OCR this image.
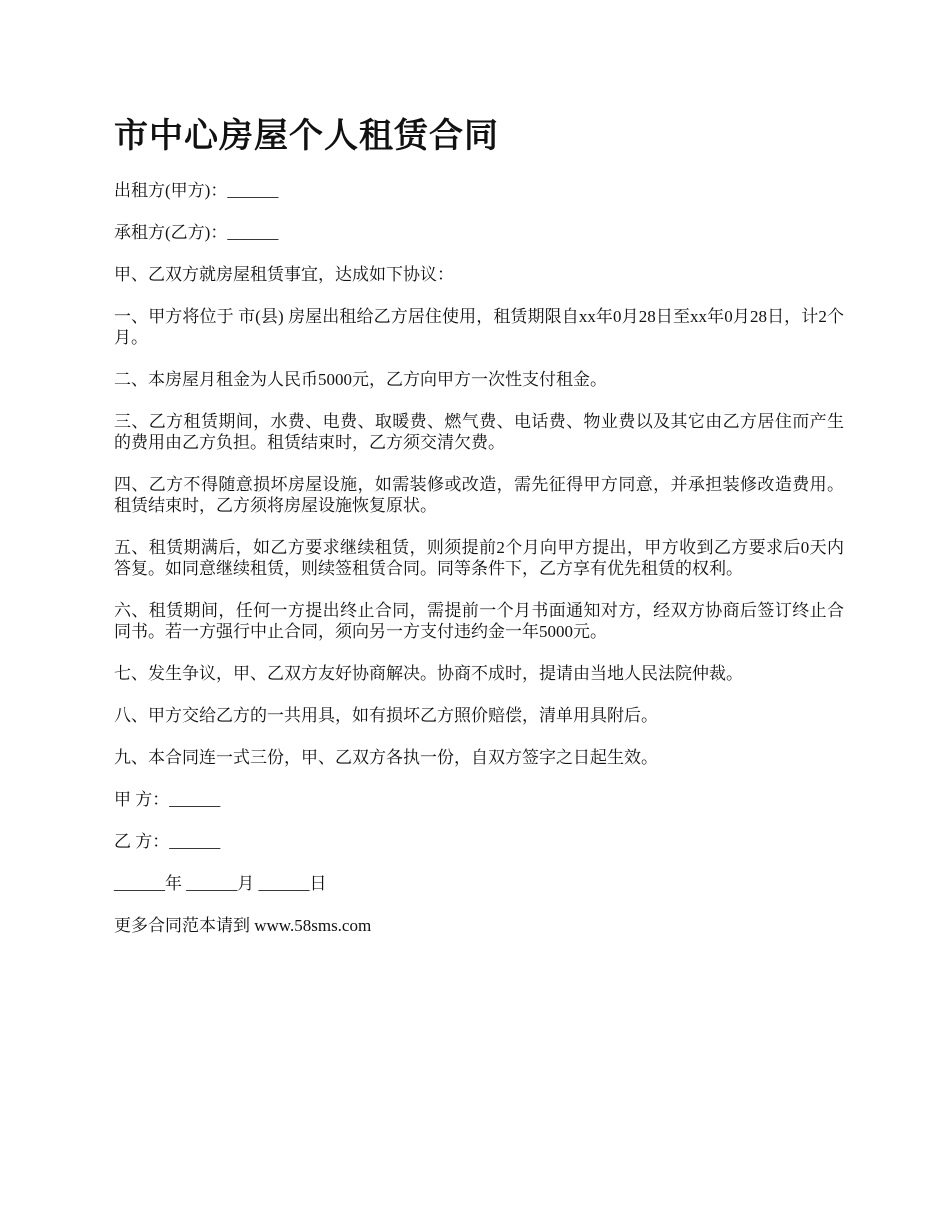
市中心房屋个人租赁合同

出租方(甲方)：______

承租方(乙方)：______

甲、乙双方就房屋租赁事宜，达成如下协议：

一、甲方将位于 市(县) 房屋出租给乙方居住使用，租赁期限自xx年0月28日至xx年0月28日，计2个月。

二、本房屋月租金为人民币5000元，乙方向甲方一次性支付租金。

三、乙方租赁期间，水费、电费、取暖费、燃气费、电话费、物业费以及其它由乙方居住而产生的费用由乙方负担。租赁结束时，乙方须交清欠费。

四、乙方不得随意损坏房屋设施，如需装修或改造，需先征得甲方同意，并承担装修改造费用。租赁结束时，乙方须将房屋设施恢复原状。

五、租赁期满后，如乙方要求继续租赁，则须提前2个月向甲方提出，甲方收到乙方要求后0天内答复。如同意继续租赁，则续签租赁合同。同等条件下，乙方享有优先租赁的权利。

六、租赁期间，任何一方提出终止合同，需提前一个月书面通知对方，经双方协商后签订终止合同书。若一方强行中止合同，须向另一方支付违约金一年5000元。

七、发生争议，甲、乙双方友好协商解决。协商不成时，提请由当地人民法院仲裁。

八、甲方交给乙方的一共用具，如有损坏乙方照价赔偿，清单用具附后。

九、本合同连一式三份，甲、乙双方各执一份，自双方签字之日起生效。

甲 方：______

乙 方：______

______年 ______月 ______日

更多合同范本请到 www.58sms.com
